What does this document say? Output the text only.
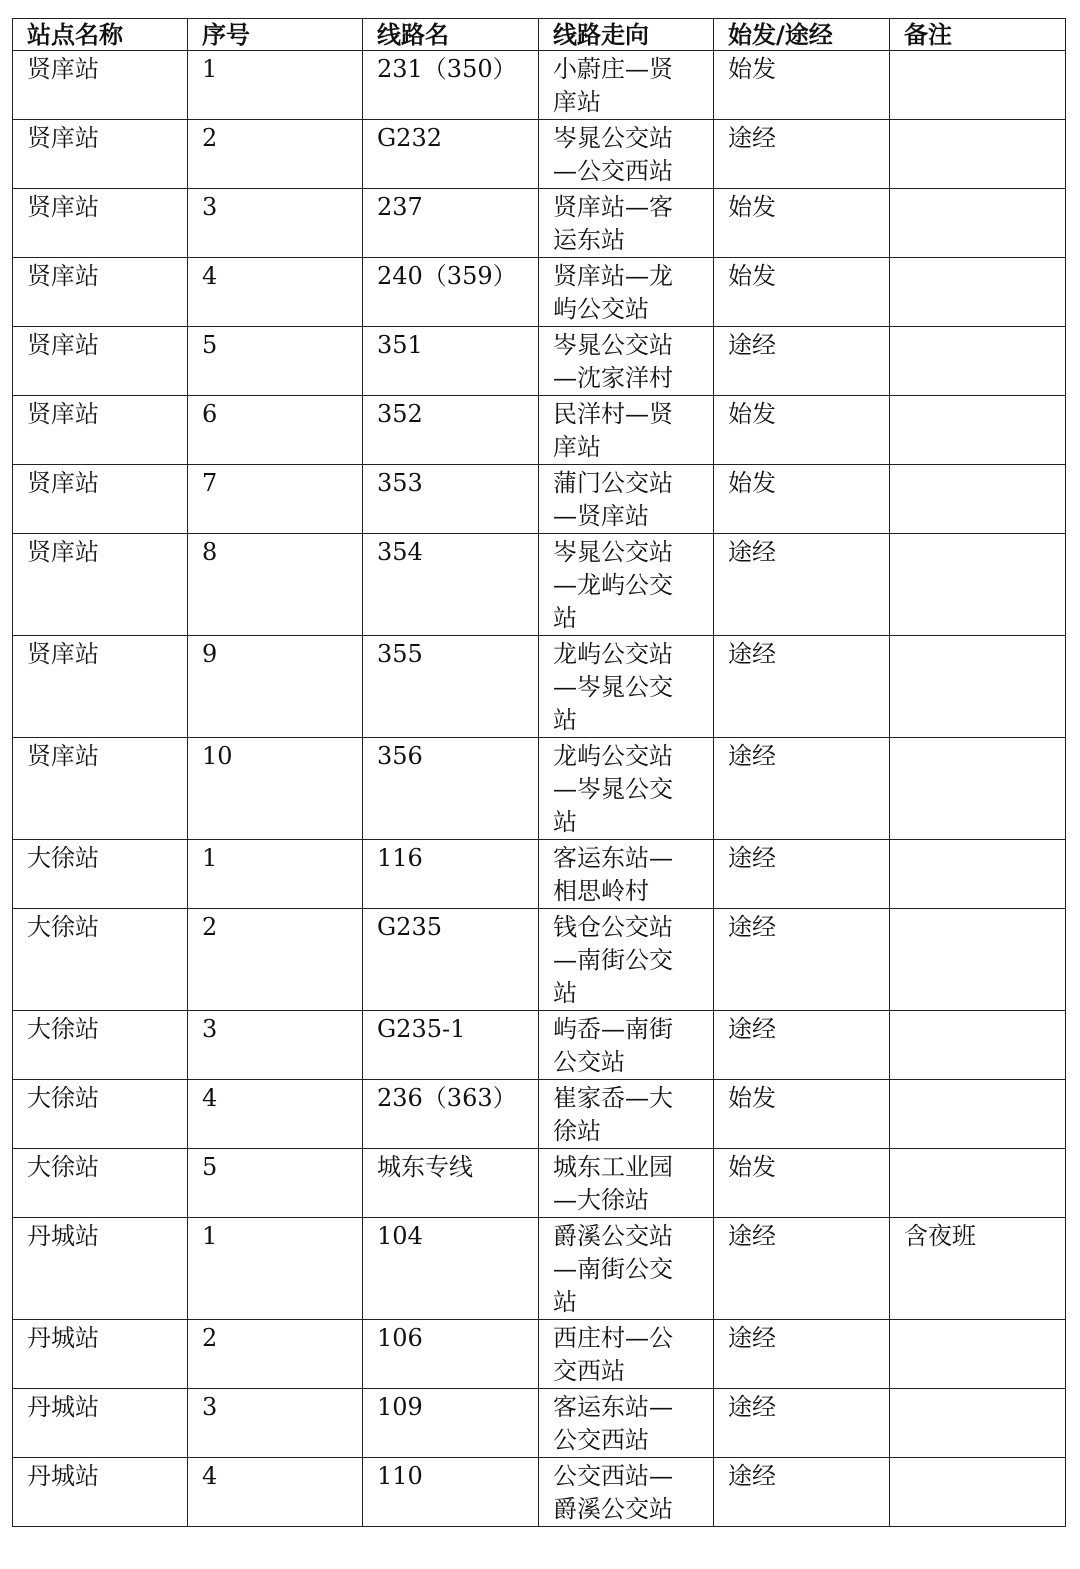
站点名称	序号	线路名	线路走向	始发/途经	备注
贤庠站	1	231（350）	小蔚庄—贤庠站	始发	
贤庠站	2	G232	岑晁公交站—公交西站	途经	
贤庠站	3	237	贤庠站—客运东站	始发	
贤庠站	4	240（359）	贤庠站—龙屿公交站	始发	
贤庠站	5	351	岑晁公交站—沈家洋村	途经	
贤庠站	6	352	民洋村—贤庠站	始发	
贤庠站	7	353	蒲门公交站—贤庠站	始发	
贤庠站	8	354	岑晁公交站—龙屿公交站	途经	
贤庠站	9	355	龙屿公交站—岑晁公交站	途经	
贤庠站	10	356	龙屿公交站—岑晁公交站	途经	
大徐站	1	116	客运东站—相思岭村	途经	
大徐站	2	G235	钱仓公交站—南街公交站	途经	
大徐站	3	G235-1	屿岙—南街公交站	途经	
大徐站	4	236（363）	崔家岙—大徐站	始发	
大徐站	5	城东专线	城东工业园—大徐站	始发	
丹城站	1	104	爵溪公交站—南街公交站	途经	含夜班
丹城站	2	106	西庄村—公交西站	途经	
丹城站	3	109	客运东站—公交西站	途经	
丹城站	4	110	公交西站—爵溪公交站	途经	
